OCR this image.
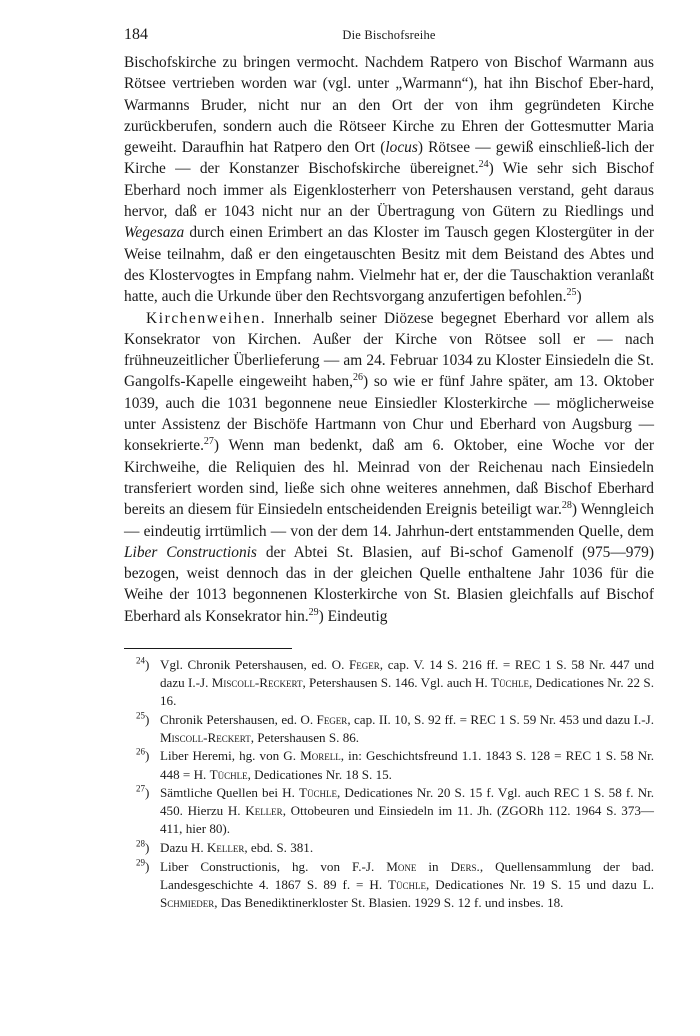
184	Die Bischofsreihe

Bischofskirche zu bringen vermocht. Nachdem Ratpero von Bischof Warmann aus Rötsee vertrieben worden war (vgl. unter „Warmann“), hat ihn Bischof Eber-hard, Warmanns Bruder, nicht nur an den Ort der von ihm gegründeten Kirche zurückberufen, sondern auch die Rötseer Kirche zu Ehren der Gottesmutter Maria geweiht. Daraufhin hat Ratpero den Ort (locus) Rötsee — gewiß einschließ-lich der Kirche — der Konstanzer Bischofskirche übereignet.$^{24}$) Wie sehr sich Bischof Eberhard noch immer als Eigenklosterherr von Petershausen verstand, geht daraus hervor, daß er 1043 nicht nur an der Übertragung von Gütern zu Riedlings und Wegesaza durch einen Erimbert an das Kloster im Tausch gegen Klostergüter in der Weise teilnahm, daß er den eingetauschten Besitz mit dem Beistand des Abtes und des Klostervogtes in Empfang nahm. Vielmehr hat er, der die Tauschaktion veranlaßt hatte, auch die Urkunde über den Rechtsvorgang anzufertigen befohlen.$^{25}$)

Kirchenweihen. Innerhalb seiner Diözese begegnet Eberhard vor allem als Konsekrator von Kirchen. Außer der Kirche von Rötsee soll er — nach frühneuzeitlicher Überlieferung — am 24. Februar 1034 zu Kloster Einsiedeln die St. Gangolfs-Kapelle eingeweiht haben,$^{26}$) so wie er fünf Jahre später, am 13. Oktober 1039, auch die 1031 begonnene neue Einsiedler Klosterkirche — möglicherweise unter Assistenz der Bischöfe Hartmann von Chur und Eberhard von Augsburg — konsekrierte.$^{27}$) Wenn man bedenkt, daß am 6. Oktober, eine Woche vor der Kirchweihe, die Reliquien des hl. Meinrad von der Reichenau nach Einsiedeln transferiert worden sind, ließe sich ohne weiteres annehmen, daß Bischof Eberhard bereits an diesem für Einsiedeln entscheidenden Ereignis beteiligt war.$^{28}$) Wenngleich — eindeutig irrtümlich — von der dem 14. Jahrhun-dert entstammenden Quelle, dem Liber Constructionis der Abtei St. Blasien, auf Bi-schof Gamenolf (975—979) bezogen, weist dennoch das in der gleichen Quelle enthaltene Jahr 1036 für die Weihe der 1013 begonnenen Klosterkirche von St. Blasien gleichfalls auf Bischof Eberhard als Konsekrator hin.$^{29}$) Eindeutig

$^{24}$) Vgl. Chronik Petershausen, ed. O. Feger, cap. V. 14 S. 216 ff. = REC 1 S. 58 Nr. 447 und dazu I.-J. Miscoll-Reckert, Petershausen S. 146. Vgl. auch H. Tüchle, Dedicationes Nr. 22 S. 16.
$^{25}$) Chronik Petershausen, ed. O. Feger, cap. II. 10, S. 92 ff. = REC 1 S. 59 Nr. 453 und dazu I.-J. Miscoll-Reckert, Petershausen S. 86.
$^{26}$) Liber Heremi, hg. von G. Morell, in: Geschichtsfreund 1.1. 1843 S. 128 = REC 1 S. 58 Nr. 448 = H. Tüchle, Dedicationes Nr. 18 S. 15.
$^{27}$) Sämtliche Quellen bei H. Tüchle, Dedicationes Nr. 20 S. 15 f. Vgl. auch REC 1 S. 58 f. Nr. 450. Hierzu H. Keller, Ottobeuren und Einsiedeln im 11. Jh. (ZGORh 112. 1964 S. 373—411, hier 80).
$^{28}$) Dazu H. Keller, ebd. S. 381.
$^{29}$) Liber Constructionis, hg. von F.-J. Mone in Ders., Quellensammlung der bad. Landesgeschichte 4. 1867 S. 89 f. = H. Tüchle, Dedicationes Nr. 19 S. 15 und dazu L. Schmieder, Das Benediktinerkloster St. Blasien. 1929 S. 12 f. und insbes. 18.
